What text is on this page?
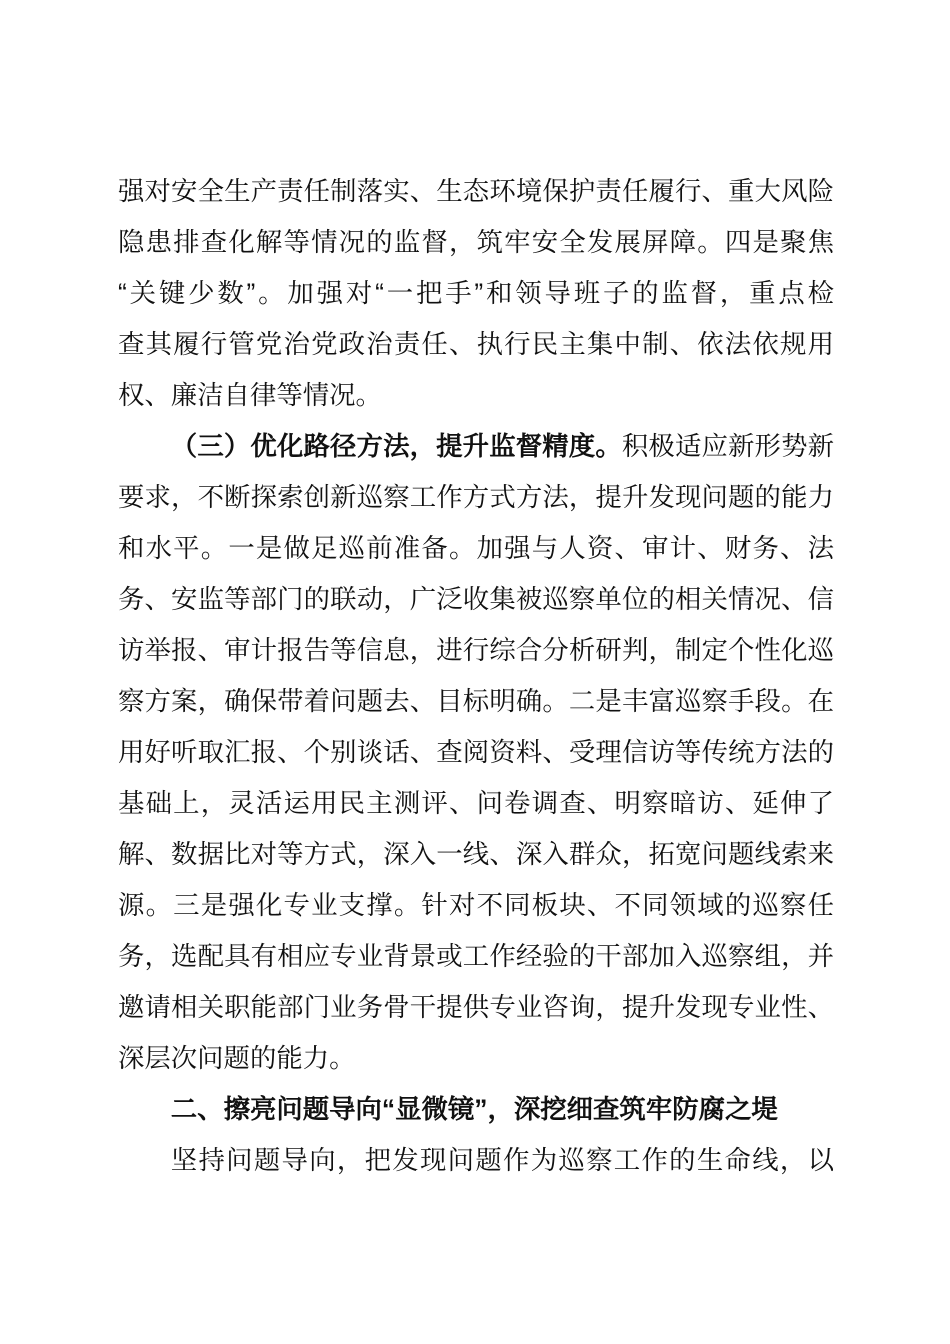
强对安全生产责任制落实、生态环境保护责任履行、重大风险
隐患排查化解等情况的监督，筑牢安全发展屏障。四是聚焦
“关键少数”。加强对“一把手”和领导班子的监督，重点检
查其履行管党治党政治责任、执行民主集中制、依法依规用
权、廉洁自律等情况。
（三）优化路径方法，提升监督精度。积极适应新形势新
要求，不断探索创新巡察工作方式方法，提升发现问题的能力
和水平。一是做足巡前准备。加强与人资、审计、财务、法
务、安监等部门的联动，广泛收集被巡察单位的相关情况、信
访举报、审计报告等信息，进行综合分析研判，制定个性化巡
察方案，确保带着问题去、目标明确。二是丰富巡察手段。在
用好听取汇报、个别谈话、查阅资料、受理信访等传统方法的
基础上，灵活运用民主测评、问卷调查、明察暗访、延伸了
解、数据比对等方式，深入一线、深入群众，拓宽问题线索来
源。三是强化专业支撑。针对不同板块、不同领域的巡察任
务，选配具有相应专业背景或工作经验的干部加入巡察组，并
邀请相关职能部门业务骨干提供专业咨询，提升发现专业性、
深层次问题的能力。
二、擦亮问题导向“显微镜”，深挖细查筑牢防腐之堤
坚持问题导向，把发现问题作为巡察工作的生命线，以
